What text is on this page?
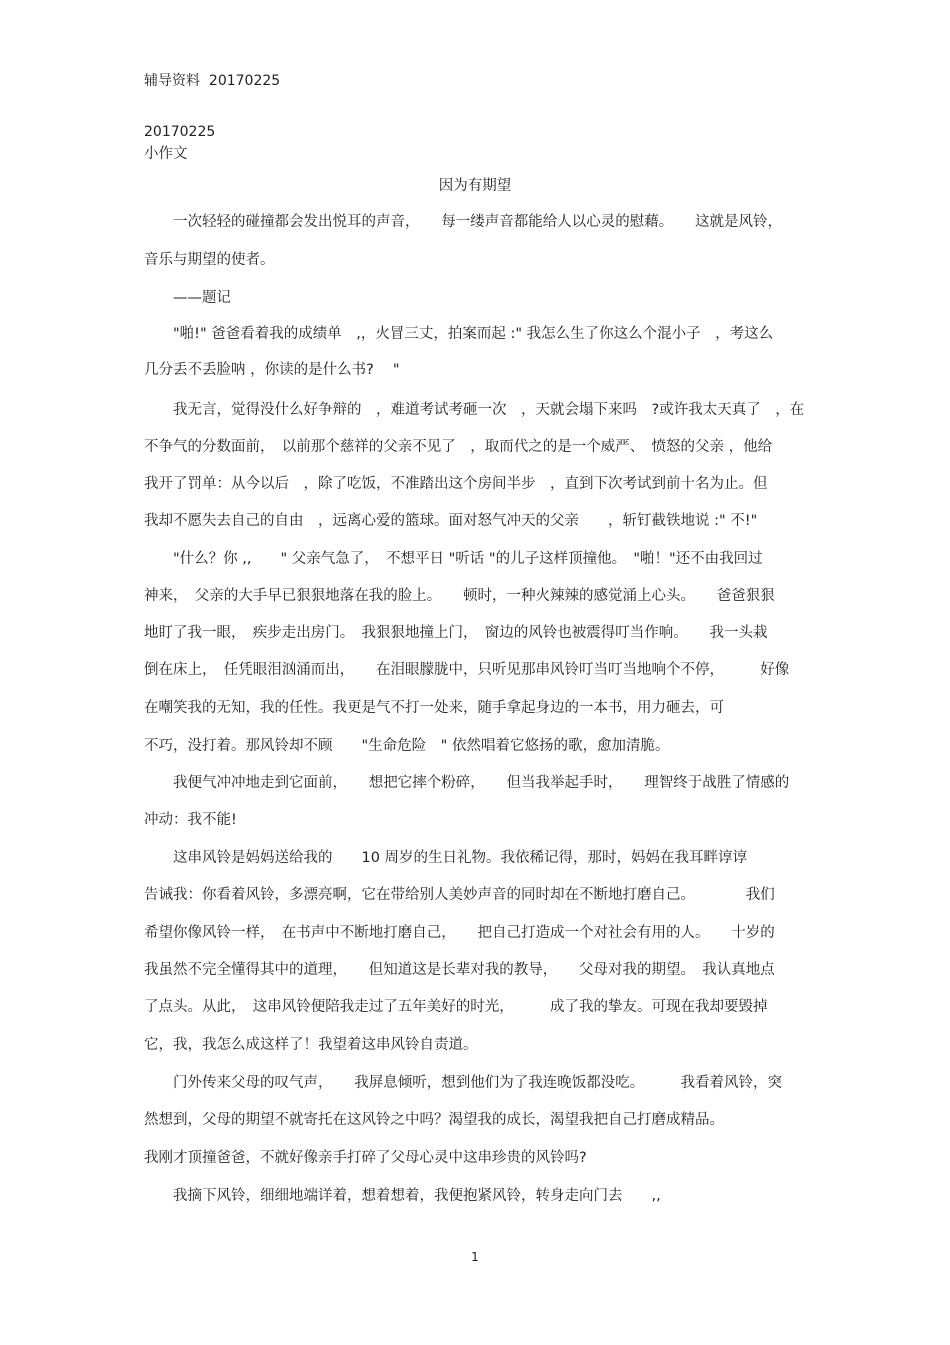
辅导资料 20170225
20170225
小作文
因为有期望
　　一次轻轻的碰撞都会发出悦耳的声音，　　每一缕声音都能给人以心灵的慰藉。　　这就是风铃，
音乐与期望的使者。
　　——题记
　　"啪!" 爸爸看着我的成绩单　,，火冒三丈，拍案而起 :" 我怎么生了你这么个混小子　，考这么
几分丢不丢脸呐 ，你读的是什么书?　 "
　　我无言，觉得没什么好争辩的　，难道考试考砸一次　，天就会塌下来吗　?或许我太天真了　，在
不争气的分数面前，　以前那个慈祥的父亲不见了　，取而代之的是一个威严、　愤怒的父亲 ，他给
我开了罚单：从今以后　，除了吃饭，不准踏出这个房间半步　，直到下次考试到前十名为止。但
我却不愿失去自己的自由　，远离心爱的篮球。面对怒气冲天的父亲　　，斩钉截铁地说 :" 不!"
　　"什么？你 ,,　　" 父亲气急了，　不想平日 "听话 "的儿子这样顶撞他。　"啪！"还不由我回过
神来，　父亲的大手早已狠狠地落在我的脸上。　　顿时，一种火辣辣的感觉涌上心头。　　爸爸狠狠
地盯了我一眼，　疾步走出房门。　我狠狠地撞上门，　窗边的风铃也被震得叮当作响。　　我一头栽
倒在床上，　任凭眼泪汹涌而出，　　在泪眼朦胧中，只听见那串风铃叮当叮当地响个不停，　　　好像
在嘲笑我的无知，我的任性。我更是气不打一处来，随手拿起身边的一本书，用力砸去，可
不巧，没打着。那风铃却不顾　　"生命危险　" 依然唱着它悠扬的歌，愈加清脆。
　　我便气冲冲地走到它面前，　　想把它摔个粉碎，　　但当我举起手时，　　理智终于战胜了情感的
冲动：我不能!
　　这串风铃是妈妈送给我的　　10 周岁的生日礼物。我依稀记得，那时，妈妈在我耳畔谆谆
告诫我：你看着风铃，多漂亮啊，它在带给别人美妙声音的同时却在不断地打磨自己。　　　　我们
希望你像风铃一样，　在书声中不断地打磨自己，　　把自己打造成一个对社会有用的人。　　十岁的
我虽然不完全懂得其中的道理，　　但知道这是长辈对我的教导，　　父母对我的期望。　我认真地点
了点头。从此，　这串风铃便陪我走过了五年美好的时光，　　　成了我的挚友。可现在我却要毁掉
它，我，我怎么成这样了！我望着这串风铃自责道。
　　门外传来父母的叹气声，　　我屏息倾听，想到他们为了我连晚饭都没吃。　　　我看着风铃，突
然想到，父母的期望不就寄托在这风铃之中吗？渴望我的成长，渴望我把自己打磨成精品。
我刚才顶撞爸爸，不就好像亲手打碎了父母心灵中这串珍贵的风铃吗?
　　我摘下风铃，细细地端详着，想着想着，我便抱紧风铃，转身走向门去　　,,
1
